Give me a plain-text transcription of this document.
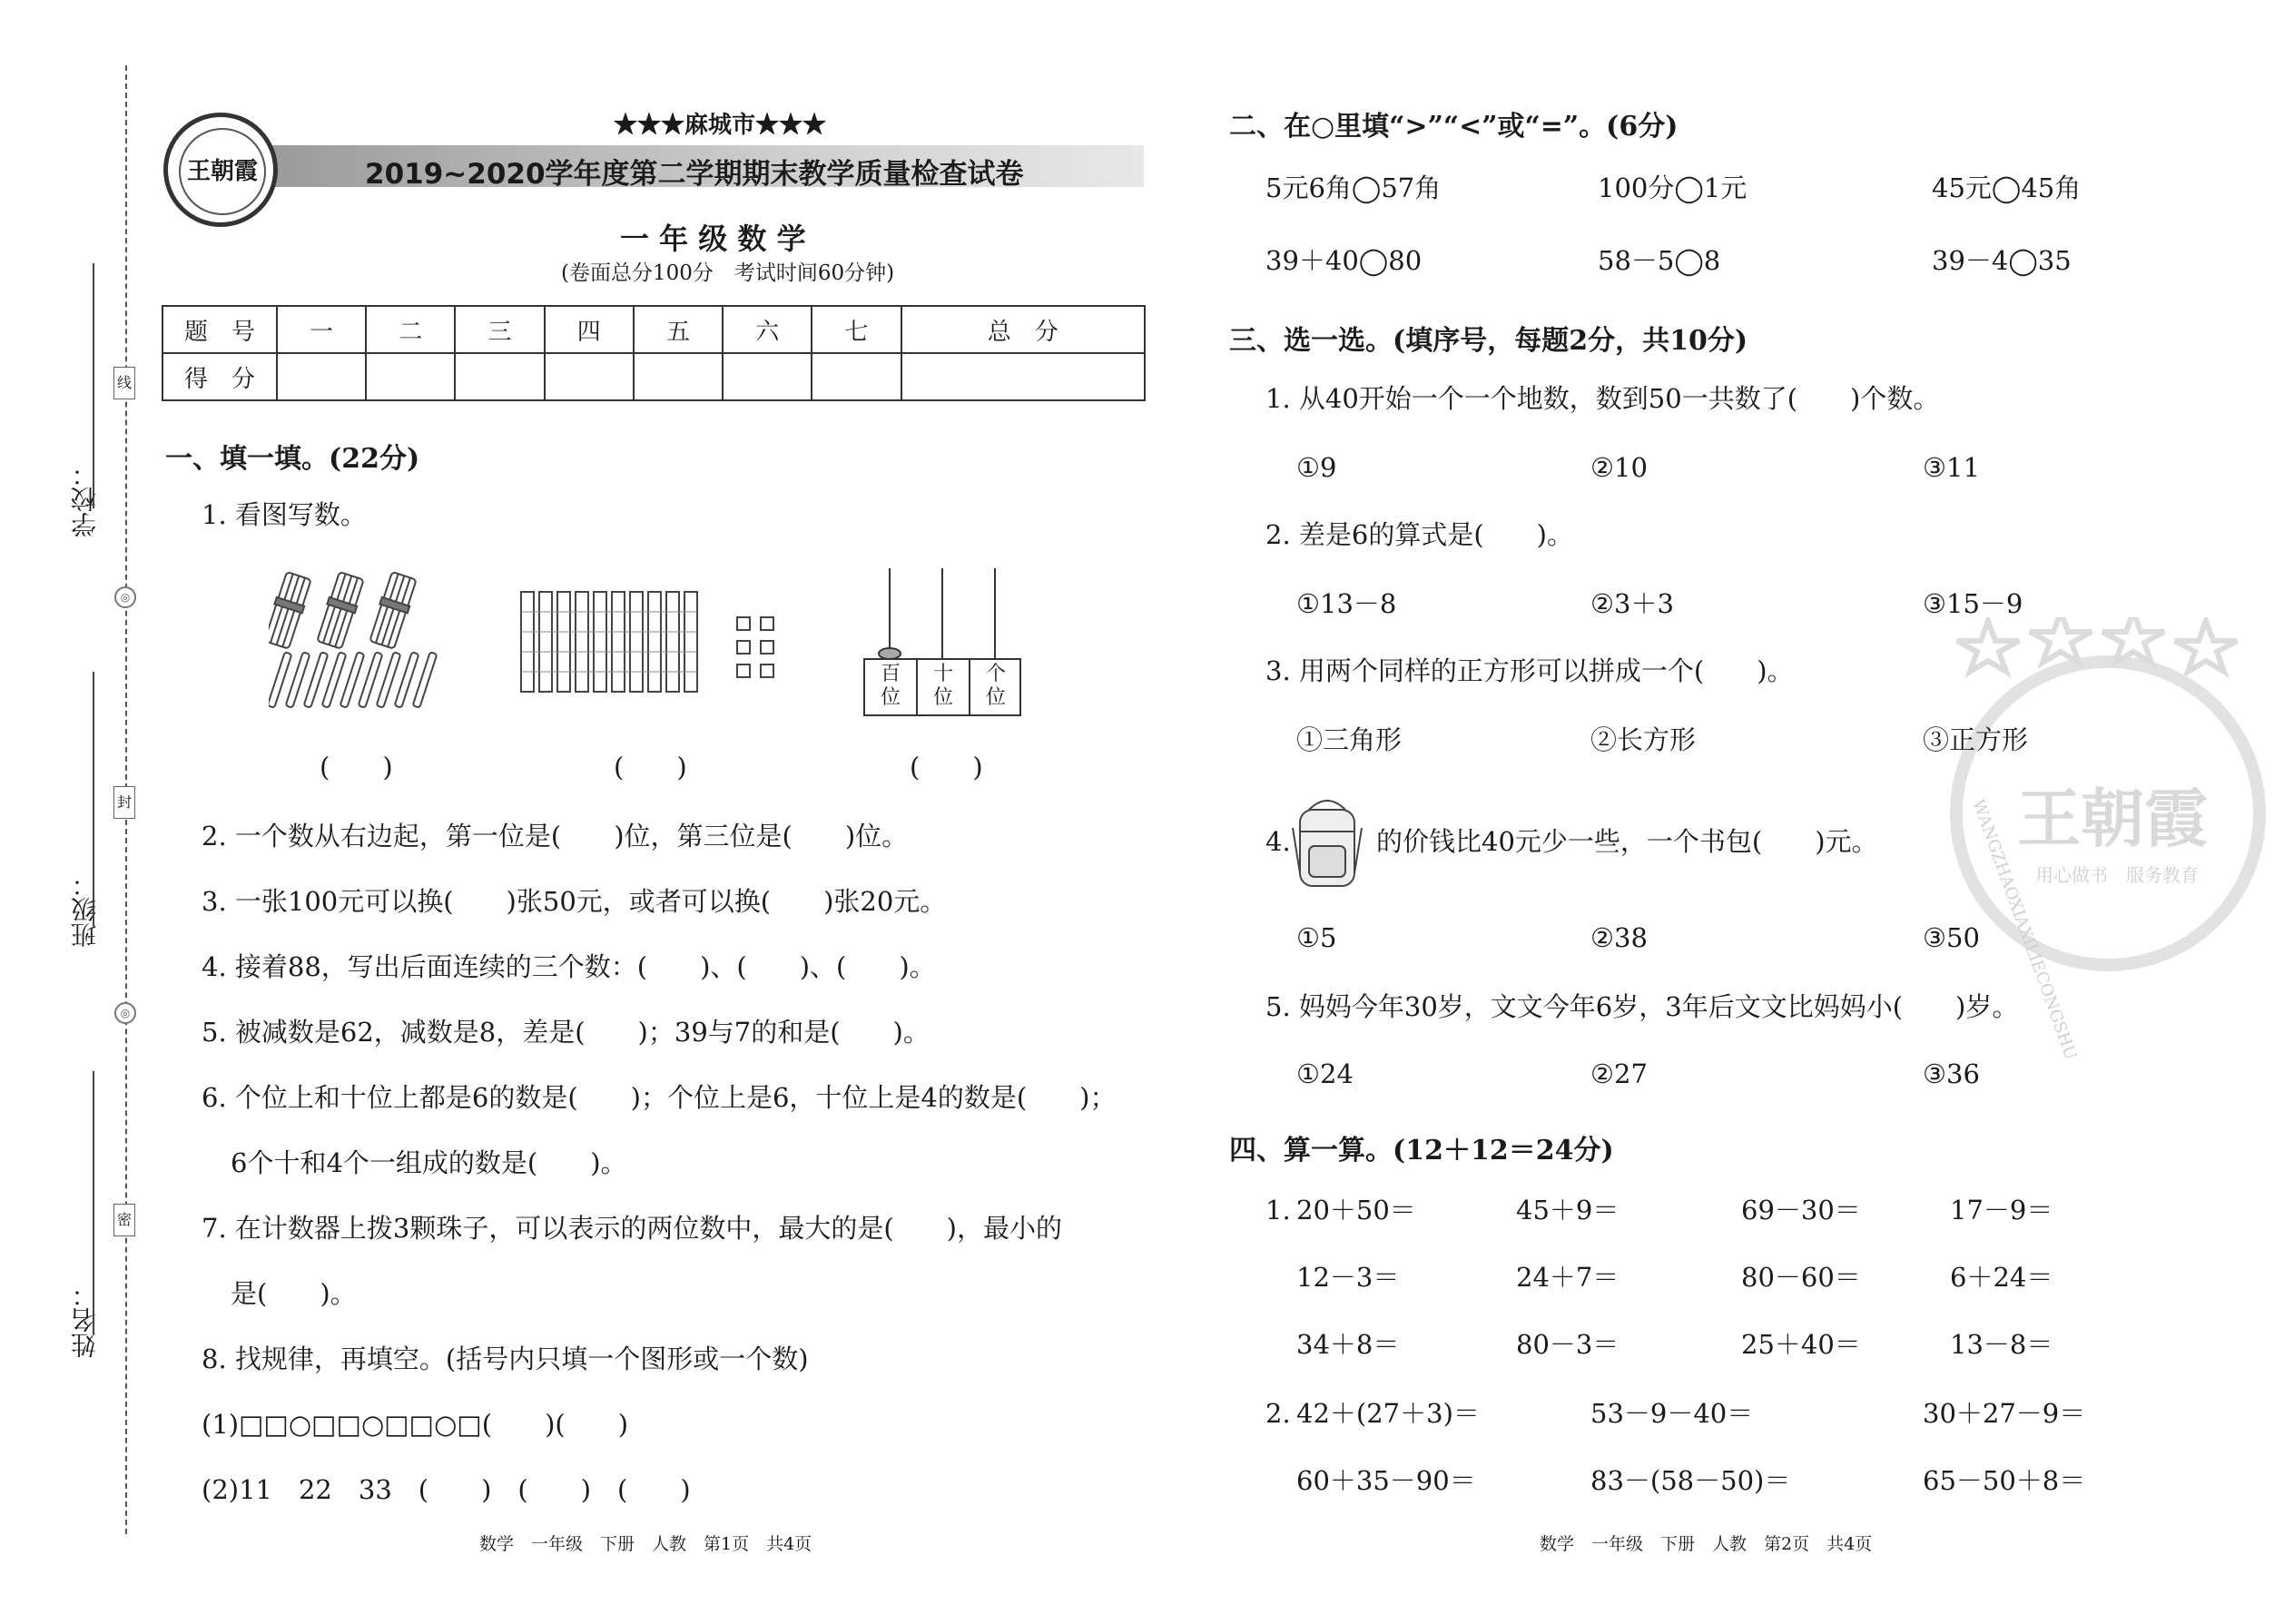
学校：
班级：
姓名：
线
封
密
◎
◎
★★★麻城市★★★
2019~2020学年度第二学期期末教学质量检查试卷
王朝霞
一 年 级 数 学
(卷面总分100分　考试时间60分钟)
题　号	一	二	三	四	五	六	七	总　分
得　分								
一、填一填。(22分)
1. 看图写数。
百
位
十
位
个
位
(　　)	(　　)	(　　)
2. 一个数从右边起，第一位是(　　)位，第三位是(　　)位。
3. 一张100元可以换(　　)张50元，或者可以换(　　)张20元。
4. 接着88，写出后面连续的三个数：(　　)、(　　)、(　　)。
5. 被减数是62，减数是8，差是(　　)；39与7的和是(　　)。
6. 个位上和十位上都是6的数是(　　)；个位上是6，十位上是4的数是(　　)；
6个十和4个一组成的数是(　　)。
7. 在计数器上拨3颗珠子，可以表示的两位数中，最大的是(　　)，最小的
是(　　)。
8. 找规律，再填空。(括号内只填一个图形或一个数)
(1)□□○□□○□□○□(　　)(　　)
(2)11　22　33　(　　)　(　　)　(　　)
数学　一年级　下册　人教　第1页　共4页
王朝霞
用心做书　服务教育
WANGZHAOXIAXILIECONGSHU
二、在○里填“>”“<”或“=”。(6分)
5元6角◯57角	100分◯1元	45元◯45角
39＋40◯80	58－5◯8	39－4◯35
三、选一选。(填序号，每题2分，共10分)
1. 从40开始一个一个地数，数到50一共数了(　　)个数。
①9	②10	③11
2. 差是6的算式是(　　)。
①13－8	②3＋3	③15－9
3. 用两个同样的正方形可以拼成一个(　　)。
①三角形	②长方形	③正方形
4.	的价钱比40元少一些，一个书包(　　)元。
①5	②38	③50
5. 妈妈今年30岁，文文今年6岁，3年后文文比妈妈小(　　)岁。
①24	②27	③36
四、算一算。(12＋12＝24分)
1. 20＋50＝	45＋9＝	69－30＝	17－9＝
12－3＝	24＋7＝	80－60＝	6＋24＝
34＋8＝	80－3＝	25＋40＝	13－8＝
2. 42＋(27＋3)＝	53－9－40＝	30＋27－9＝
60＋35－90＝	83－(58－50)＝	65－50＋8＝
数学　一年级　下册　人教　第2页　共4页
